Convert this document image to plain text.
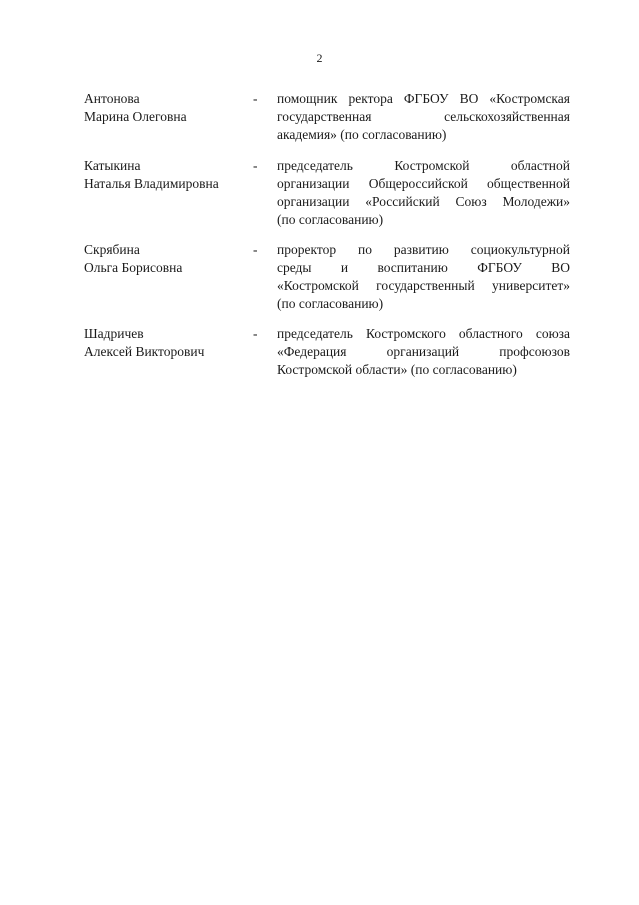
2
Антонова
Марина Олеговна
- помощник ректора ФГБОУ ВО «Костромская
государственная сельскохозяйственная
академия» (по согласованию)
Катыкина
Наталья Владимировна
- председатель Костромской областной
организации Общероссийской общественной
организации «Российский Союз Молодежи»
(по согласованию)
Скрябина
Ольга Борисовна
- проректор по развитию социокультурной
среды и воспитанию ФГБОУ ВО
«Костромской государственный университет»
(по согласованию)
Шадричев
Алексей Викторович
- председатель Костромского областного союза
«Федерация организаций профсоюзов
Костромской области» (по согласованию)
